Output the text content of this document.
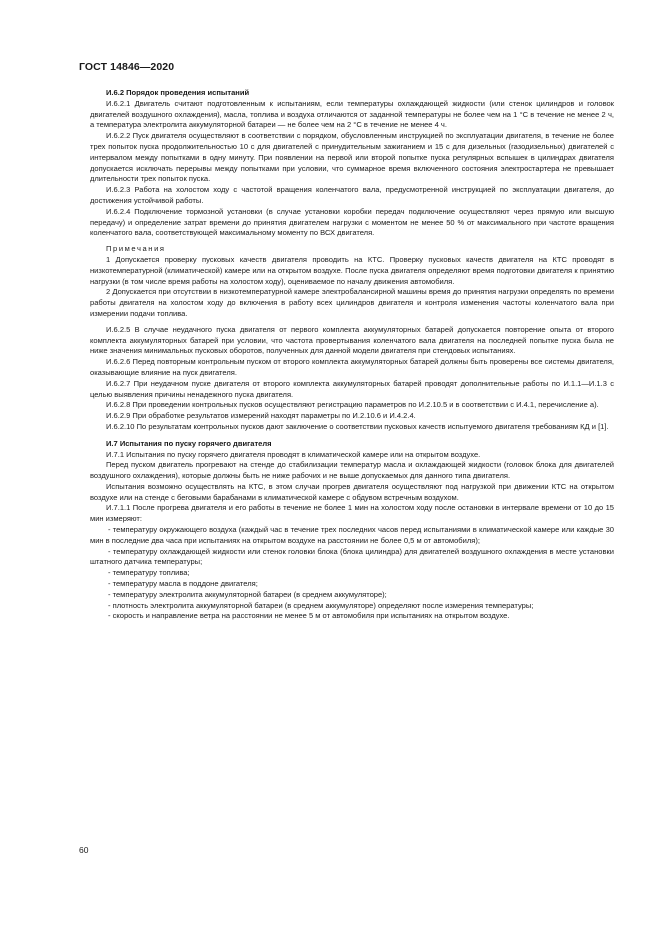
ГОСТ 14846—2020

И.6.2 Порядок проведения испытаний

И.6.2.1 Двигатель считают подготовленным к испытаниям, если температуры охлаждающей жидкости (или стенок цилиндров и головок двигателей воздушного охлаждения), масла, топлива и воздуха отличаются от заданной температуры не более чем на 1 °С в течение не менее 2 ч, а температура электролита аккумуляторной батареи — не более чем на 2 °С в течение не менее 4 ч.

И.6.2.2 Пуск двигателя осуществляют в соответствии с порядком, обусловленным инструкцией по эксплуатации двигателя, в течение не более трех попыток пуска продолжительностью 10 с для двигателей с принудительным зажиганием и 15 с для дизельных (газодизельных) двигателей с интервалом между попытками в одну минуту. При появлении на первой или второй попытке пуска регулярных вспышек в цилиндрах двигателя допускается исключать перерывы между попытками при условии, что суммарное время включенного состояния электростартера не превышает длительности трех попыток пуска.

И.6.2.3 Работа на холостом ходу с частотой вращения коленчатого вала, предусмотренной инструкцией по эксплуатации двигателя, до достижения устойчивой работы.

И.6.2.4 Подключение тормозной установки (в случае установки коробки передач подключение осуществляют через прямую или высшую передачу) и определение затрат времени до принятия двигателем нагрузки с моментом не менее 50 % от максимального при частоте вращения коленчатого вала, соответствующей максимальному моменту по ВСХ двигателя.

Примечания

1 Допускается проверку пусковых качеств двигателя проводить на КТС. Проверку пусковых качеств двигателя на КТС проводят в низкотемпературной (климатической) камере или на открытом воздухе. После пуска двигателя определяют время подготовки двигателя к принятию нагрузки (в том числе время работы на холостом ходу), оцениваемое по началу движения автомобиля.

2 Допускается при отсутствии в низкотемпературной камере электробалансирной машины время до принятия нагрузки определять по времени работы двигателя на холостом ходу до включения в работу всех цилиндров двигателя и контроля изменения частоты коленчатого вала при измерении подачи топлива.

И.6.2.5 В случае неудачного пуска двигателя от первого комплекта аккумуляторных батарей допускается повторение опыта от второго комплекта аккумуляторных батарей при условии, что частота провертывания коленчатого вала двигателя на последней попытке пуска была не ниже значения минимальных пусковых оборотов, полученных для данной модели двигателя при стендовых испытаниях.

И.6.2.6 Перед повторным контрольным пуском от второго комплекта аккумуляторных батарей должны быть проверены все системы двигателя, оказывающие влияние на пуск двигателя.

И.6.2.7 При неудачном пуске двигателя от второго комплекта аккумуляторных батарей проводят дополнительные работы по И.1.1—И.1.3 с целью выявления причины ненадежного пуска двигателя.

И.6.2.8 При проведении контрольных пусков осуществляют регистрацию параметров по И.2.10.5 и в соответствии с И.4.1, перечисление а).

И.6.2.9 При обработке результатов измерений находят параметры по И.2.10.6 и И.4.2.4.

И.6.2.10 По результатам контрольных пусков дают заключение о соответствии пусковых качеств испытуемого двигателя требованиям КД и [1].

И.7 Испытания по пуску горячего двигателя

И.7.1 Испытания по пуску горячего двигателя проводят в климатической камере или на открытом воздухе.

Перед пуском двигатель прогревают на стенде до стабилизации температур масла и охлаждающей жидкости (головок блока для двигателей воздушного охлаждения), которые должны быть не ниже рабочих и не выше допускаемых для данного типа двигателя.

Испытания возможно осуществлять на КТС, в этом случаи прогрев двигателя осуществляют под нагрузкой при движении КТС на открытом воздухе или на стенде с беговыми барабанами в климатической камере с обдувом встречным воздухом.

И.7.1.1 После прогрева двигателя и его работы в течение не более 1 мин на холостом ходу после остановки в интервале времени от 10 до 15 мин измеряют:

- температуру окружающего воздуха (каждый час в течение трех последних часов перед испытаниями в климатической камере или каждые 30 мин в последние два часа при испытаниях на открытом воздухе на расстоянии не более 0,5 м от автомобиля);

- температуру охлаждающей жидкости или стенок головки блока (блока цилиндра) для двигателей воздушного охлаждения в месте установки штатного датчика температуры;

- температуру топлива;

- температуру масла в поддоне двигателя;

- температуру электролита аккумуляторной батареи (в среднем аккумуляторе);

- плотность электролита аккумуляторной батареи (в среднем аккумуляторе) определяют после измерения температуры;

- скорость и направление ветра на расстоянии не менее 5 м от автомобиля при испытаниях на открытом воздухе.

60
